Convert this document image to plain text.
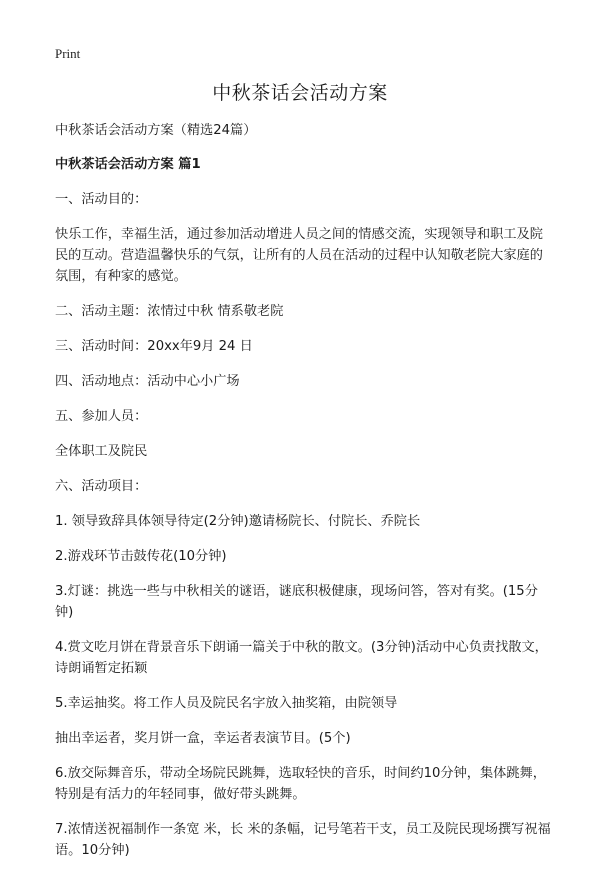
Print
中秋茶话会活动方案

中秋茶话会活动方案（精选24篇）

中秋茶话会活动方案 篇1

一、活动目的：

快乐工作，幸福生活，通过参加活动增进人员之间的情感交流，实现领导和职工及院民的互动。营造温馨快乐的气氛，让所有的人员在活动的过程中认知敬老院大家庭的氛围，有种家的感觉。

二、活动主题：浓情过中秋 情系敬老院

三、活动时间：20xx年9月 24 日

四、活动地点：活动中心小广场

五、参加人员：

全体职工及院民

六、活动项目：

1. 领导致辞具体领导待定(2分钟)邀请杨院长、付院长、乔院长

2.游戏环节击鼓传花(10分钟)

3.灯谜：挑选一些与中秋相关的谜语，谜底积极健康，现场问答，答对有奖。(15分钟)

4.赏文吃月饼在背景音乐下朗诵一篇关于中秋的散文。(3分钟)活动中心负责找散文，诗朗诵暂定拓颖

5.幸运抽奖。将工作人员及院民名字放入抽奖箱，由院领导

抽出幸运者，奖月饼一盒，幸运者表演节目。(5个)

6.放交际舞音乐，带动全场院民跳舞，选取轻快的音乐，时间约10分钟，集体跳舞，特别是有活力的年轻同事，做好带头跳舞。

7.浓情送祝福制作一条宽 米，长 米的条幅，记号笔若干支，员工及院民现场撰写祝福语。10分钟)
